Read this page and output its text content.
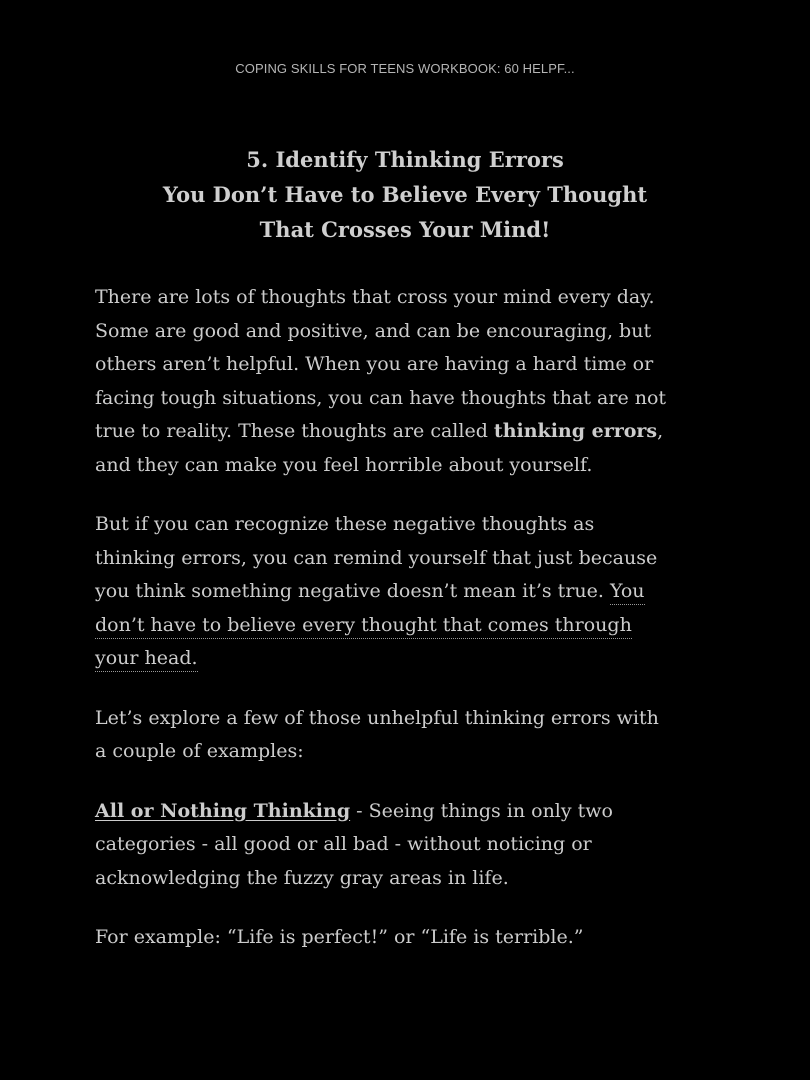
COPING SKILLS FOR TEENS WORKBOOK: 60 HELPF...
5. Identify Thinking Errors
You Don’t Have to Believe Every Thought
That Crosses Your Mind!

There are lots of thoughts that cross your mind every day.
Some are good and positive, and can be encouraging, but
others aren’t helpful. When you are having a hard time or
facing tough situations, you can have thoughts that are not
true to reality. These thoughts are called thinking errors,
and they can make you feel horrible about yourself.

But if you can recognize these negative thoughts as
thinking errors, you can remind yourself that just because
you think something negative doesn’t mean it’s true. You
don’t have to believe every thought that comes through
your head.

Let’s explore a few of those unhelpful thinking errors with
a couple of examples:

All or Nothing Thinking - Seeing things in only two
categories - all good or all bad - without noticing or
acknowledging the fuzzy gray areas in life.

For example: “Life is perfect!” or “Life is terrible.”
